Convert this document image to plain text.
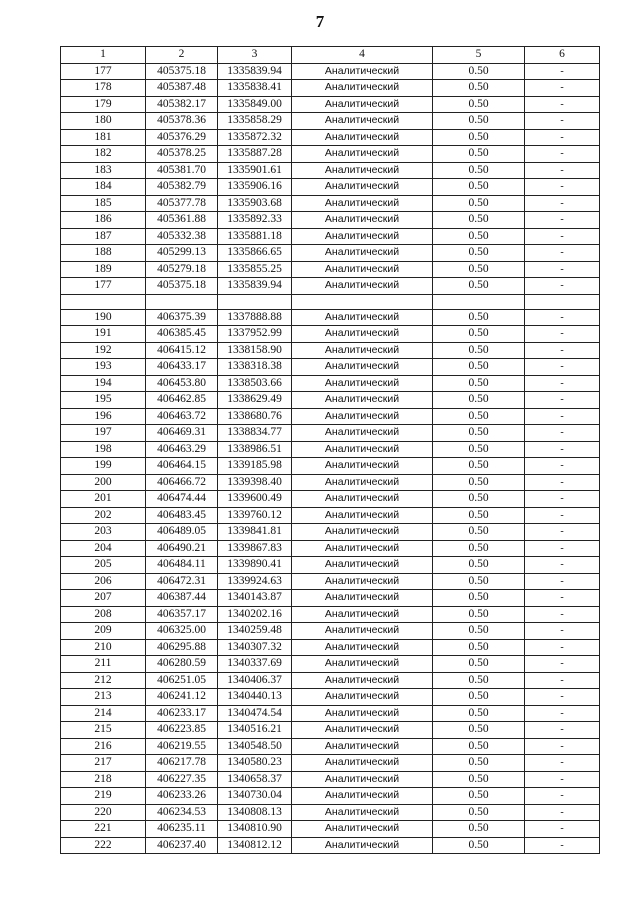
7
1	2	3	4	5	6
177	405375.18	1335839.94	Аналитический	0.50	-
178	405387.48	1335838.41	Аналитический	0.50	-
179	405382.17	1335849.00	Аналитический	0.50	-
180	405378.36	1335858.29	Аналитический	0.50	-
181	405376.29	1335872.32	Аналитический	0.50	-
182	405378.25	1335887.28	Аналитический	0.50	-
183	405381.70	1335901.61	Аналитический	0.50	-
184	405382.79	1335906.16	Аналитический	0.50	-
185	405377.78	1335903.68	Аналитический	0.50	-
186	405361.88	1335892.33	Аналитический	0.50	-
187	405332.38	1335881.18	Аналитический	0.50	-
188	405299.13	1335866.65	Аналитический	0.50	-
189	405279.18	1335855.25	Аналитический	0.50	-
177	405375.18	1335839.94	Аналитический	0.50	-

190	406375.39	1337888.88	Аналитический	0.50	-
191	406385.45	1337952.99	Аналитический	0.50	-
192	406415.12	1338158.90	Аналитический	0.50	-
193	406433.17	1338318.38	Аналитический	0.50	-
194	406453.80	1338503.66	Аналитический	0.50	-
195	406462.85	1338629.49	Аналитический	0.50	-
196	406463.72	1338680.76	Аналитический	0.50	-
197	406469.31	1338834.77	Аналитический	0.50	-
198	406463.29	1338986.51	Аналитический	0.50	-
199	406464.15	1339185.98	Аналитический	0.50	-
200	406466.72	1339398.40	Аналитический	0.50	-
201	406474.44	1339600.49	Аналитический	0.50	-
202	406483.45	1339760.12	Аналитический	0.50	-
203	406489.05	1339841.81	Аналитический	0.50	-
204	406490.21	1339867.83	Аналитический	0.50	-
205	406484.11	1339890.41	Аналитический	0.50	-
206	406472.31	1339924.63	Аналитический	0.50	-
207	406387.44	1340143.87	Аналитический	0.50	-
208	406357.17	1340202.16	Аналитический	0.50	-
209	406325.00	1340259.48	Аналитический	0.50	-
210	406295.88	1340307.32	Аналитический	0.50	-
211	406280.59	1340337.69	Аналитический	0.50	-
212	406251.05	1340406.37	Аналитический	0.50	-
213	406241.12	1340440.13	Аналитический	0.50	-
214	406233.17	1340474.54	Аналитический	0.50	-
215	406223.85	1340516.21	Аналитический	0.50	-
216	406219.55	1340548.50	Аналитический	0.50	-
217	406217.78	1340580.23	Аналитический	0.50	-
218	406227.35	1340658.37	Аналитический	0.50	-
219	406233.26	1340730.04	Аналитический	0.50	-
220	406234.53	1340808.13	Аналитический	0.50	-
221	406235.11	1340810.90	Аналитический	0.50	-
222	406237.40	1340812.12	Аналитический	0.50	-
